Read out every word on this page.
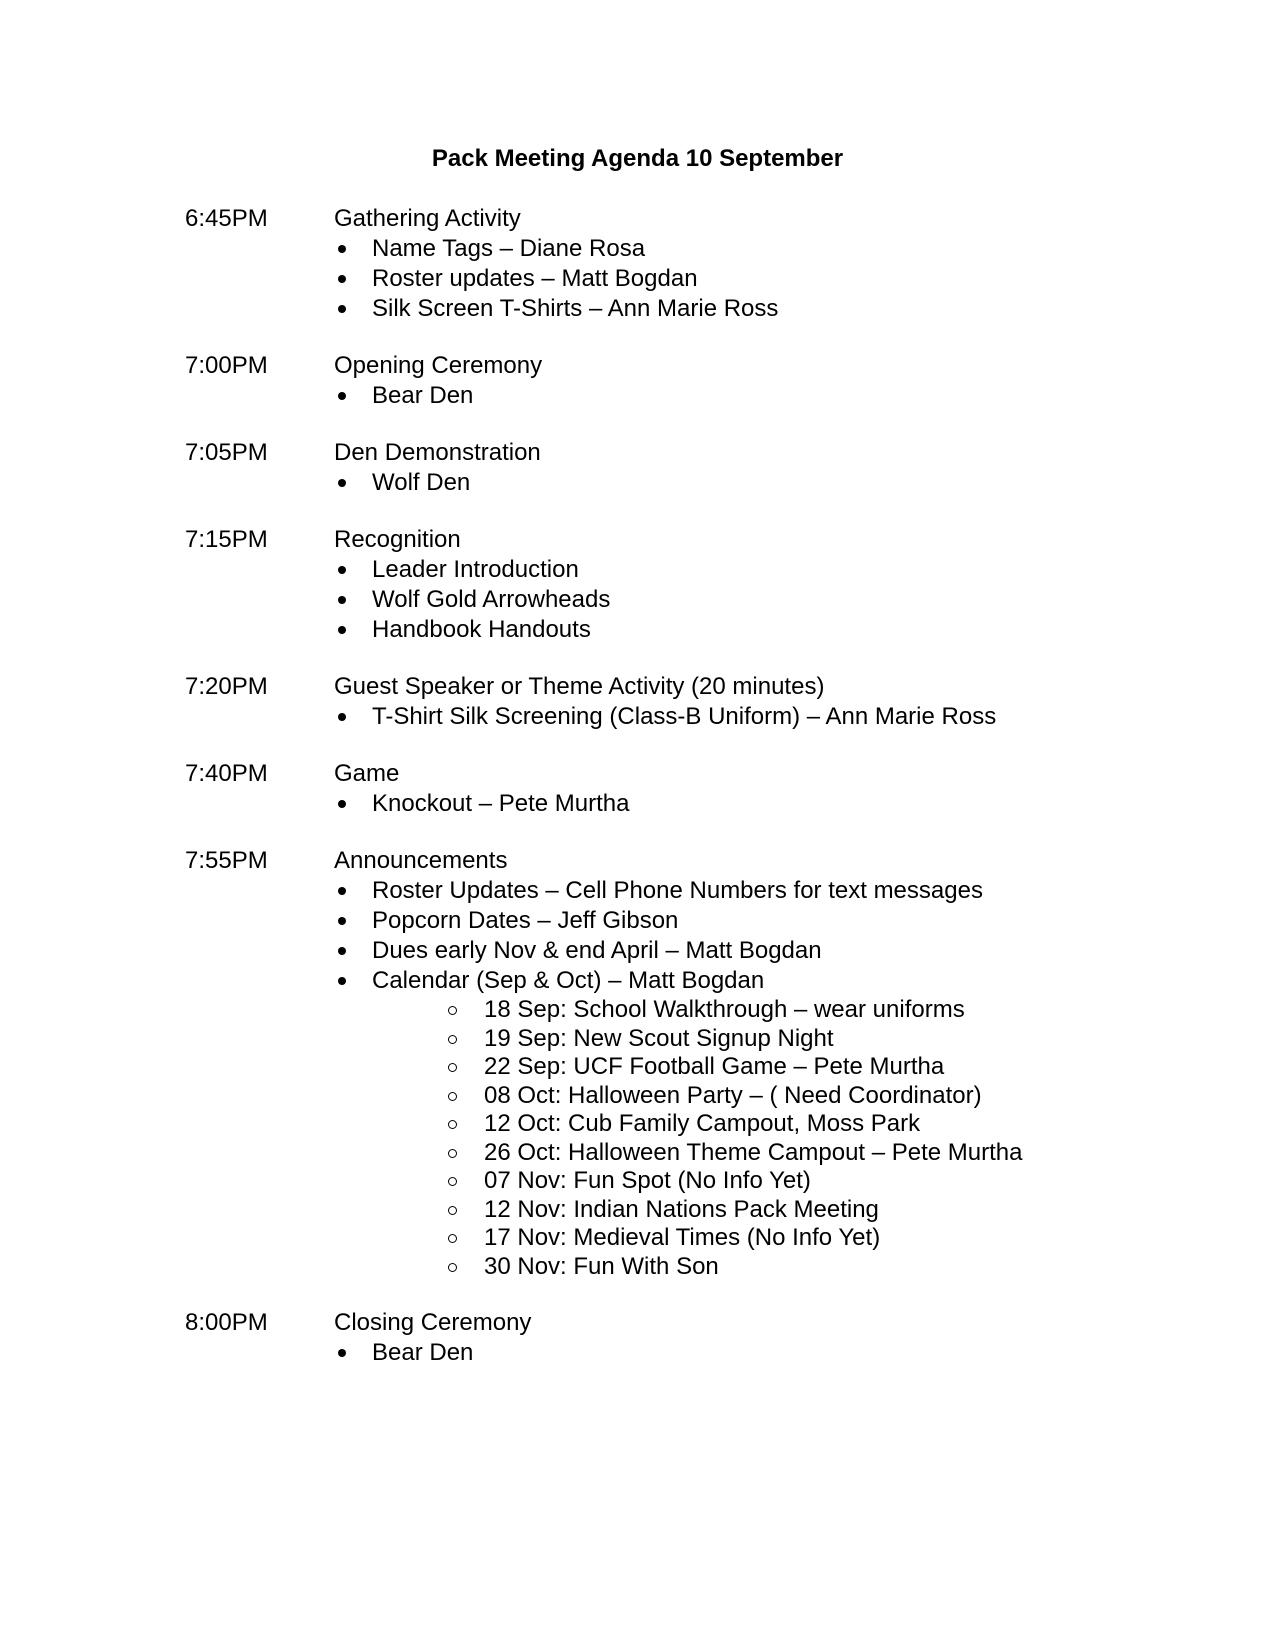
Pack Meeting Agenda 10 September
6:45PM	Gathering Activity
Name Tags – Diane Rosa
Roster updates – Matt Bogdan
Silk Screen T-Shirts – Ann Marie Ross
7:00PM	Opening Ceremony
Bear Den
7:05PM	Den Demonstration
Wolf Den
7:15PM	Recognition
Leader Introduction
Wolf Gold Arrowheads
Handbook Handouts
7:20PM	Guest Speaker or Theme Activity (20 minutes)
T-Shirt Silk Screening (Class-B Uniform) – Ann Marie Ross
7:40PM	Game
Knockout – Pete Murtha
7:55PM	Announcements
Roster Updates – Cell Phone Numbers for text messages
Popcorn Dates – Jeff Gibson
Dues early Nov & end April – Matt Bogdan
Calendar (Sep & Oct) – Matt Bogdan
18 Sep: School Walkthrough – wear uniforms
19 Sep: New Scout Signup Night
22 Sep: UCF Football Game – Pete Murtha
08 Oct: Halloween Party – ( Need Coordinator)
12 Oct: Cub Family Campout, Moss Park
26 Oct: Halloween Theme Campout – Pete Murtha
07 Nov: Fun Spot (No Info Yet)
12 Nov: Indian Nations Pack Meeting
17 Nov: Medieval Times (No Info Yet)
30 Nov: Fun With Son
8:00PM	Closing Ceremony
Bear Den
